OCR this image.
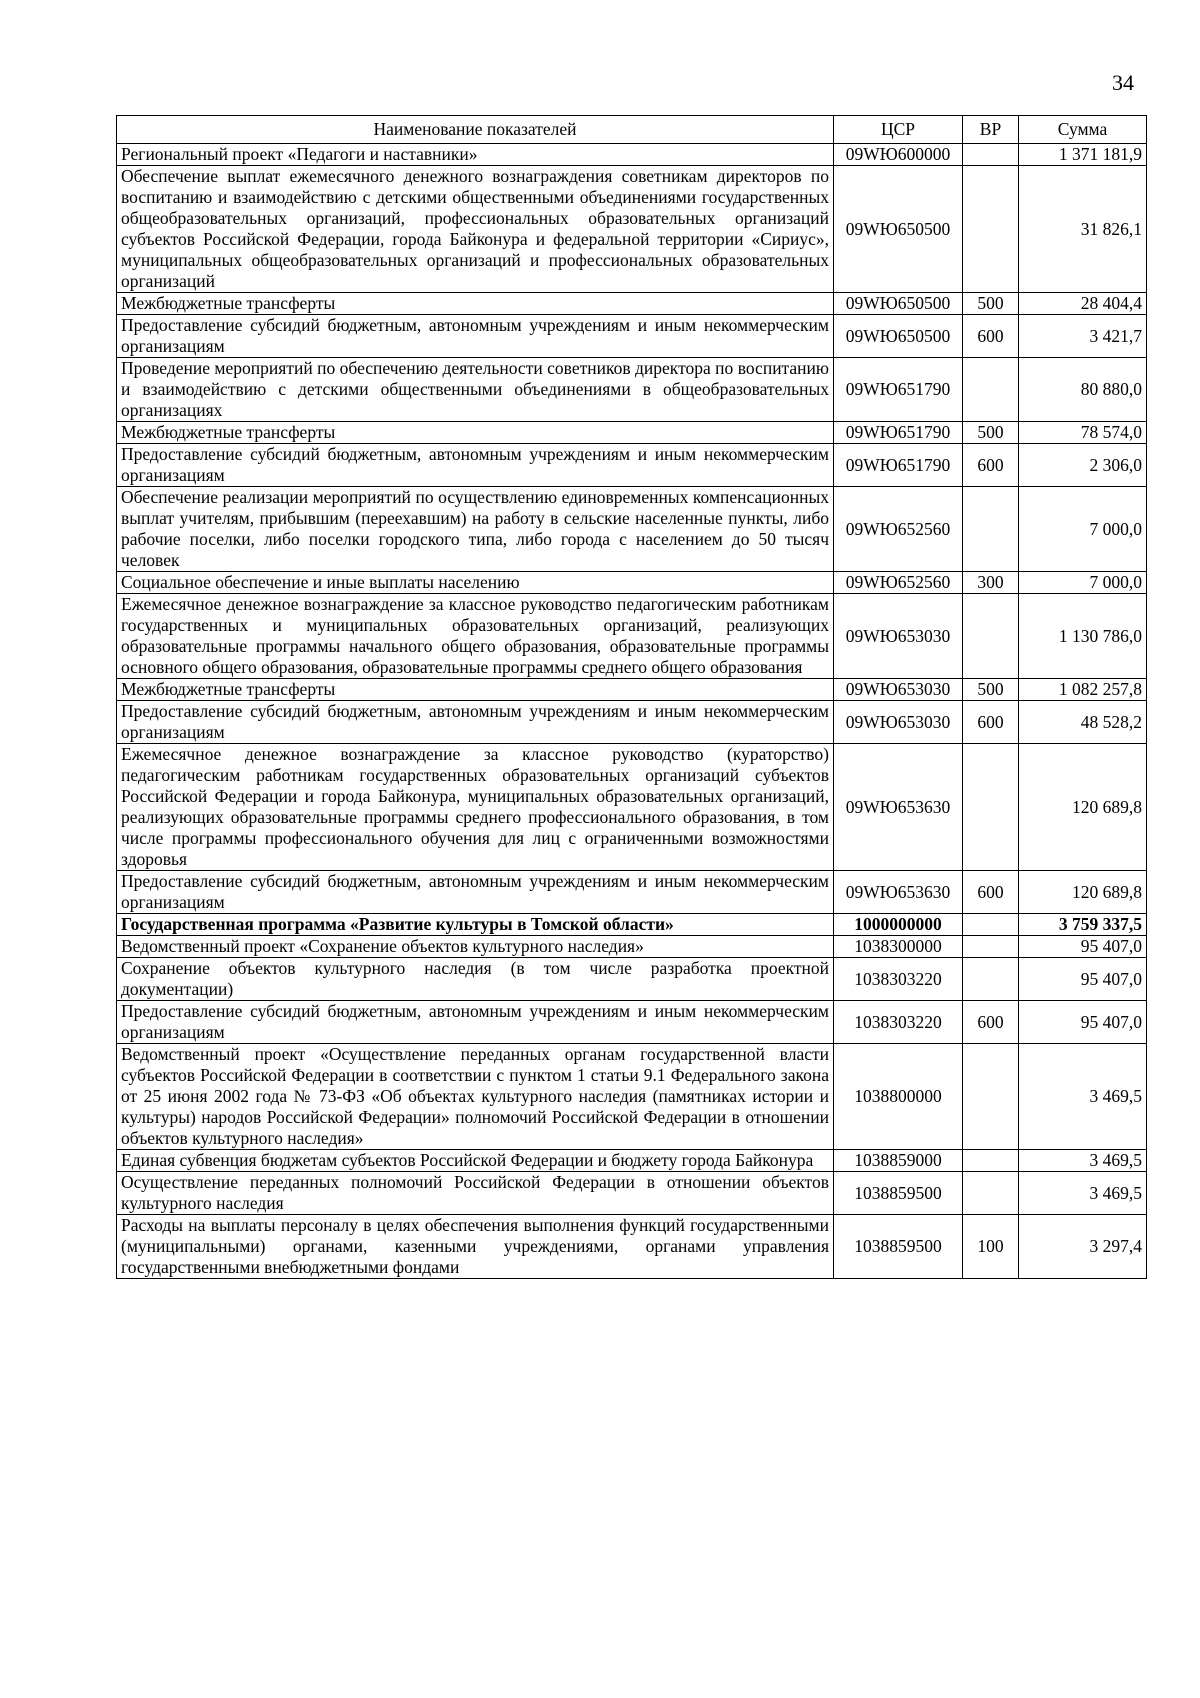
34
Наименование показателей	ЦСР	ВР	Сумма
Региональный проект «Педагоги и наставники»	09WЮ600000		1 371 181,9
Обеспечение выплат ежемесячного денежного вознаграждения советникам директоров по воспитанию и взаимодействию с детскими общественными объединениями государственных общеобразовательных организаций, профессиональных образовательных организаций субъектов Российской Федерации, города Байконура и федеральной территории «Сириус», муниципальных общеобразовательных организаций и профессиональных образовательных организаций	09WЮ650500		31 826,1
Межбюджетные трансферты	09WЮ650500	500	28 404,4
Предоставление субсидий бюджетным, автономным учреждениям и иным некоммерческим организациям	09WЮ650500	600	3 421,7
Проведение мероприятий по обеспечению деятельности советников директора по воспитанию и взаимодействию с детскими общественными объединениями в общеобразовательных организациях	09WЮ651790		80 880,0
Межбюджетные трансферты	09WЮ651790	500	78 574,0
Предоставление субсидий бюджетным, автономным учреждениям и иным некоммерческим организациям	09WЮ651790	600	2 306,0
Обеспечение реализации мероприятий по осуществлению единовременных компенсационных выплат учителям, прибывшим (переехавшим) на работу в сельские населенные пункты, либо рабочие поселки, либо поселки городского типа, либо города с населением до 50 тысяч человек	09WЮ652560		7 000,0
Социальное обеспечение и иные выплаты населению	09WЮ652560	300	7 000,0
Ежемесячное денежное вознаграждение за классное руководство педагогическим работникам государственных и муниципальных образовательных организаций, реализующих образовательные программы начального общего образования, образовательные программы основного общего образования, образовательные программы среднего общего образования	09WЮ653030		1 130 786,0
Межбюджетные трансферты	09WЮ653030	500	1 082 257,8
Предоставление субсидий бюджетным, автономным учреждениям и иным некоммерческим организациям	09WЮ653030	600	48 528,2
Ежемесячное денежное вознаграждение за классное руководство (кураторство) педагогическим работникам государственных образовательных организаций субъектов Российской Федерации и города Байконура, муниципальных образовательных организаций, реализующих образовательные программы среднего профессионального образования, в том числе программы профессионального обучения для лиц с ограниченными возможностями здоровья	09WЮ653630		120 689,8
Предоставление субсидий бюджетным, автономным учреждениям и иным некоммерческим организациям	09WЮ653630	600	120 689,8
Государственная программа «Развитие культуры в Томской области»	1000000000		3 759 337,5
Ведомственный проект «Сохранение объектов культурного наследия»	1038300000		95 407,0
Сохранение объектов культурного наследия (в том числе разработка проектной документации)	1038303220		95 407,0
Предоставление субсидий бюджетным, автономным учреждениям и иным некоммерческим организациям	1038303220	600	95 407,0
Ведомственный проект «Осуществление переданных органам государственной власти субъектов Российской Федерации в соответствии с пунктом 1 статьи 9.1 Федерального закона от 25 июня 2002 года № 73-ФЗ «Об объектах культурного наследия (памятниках истории и культуры) народов Российской Федерации» полномочий Российской Федерации в отношении объектов культурного наследия»	1038800000		3 469,5
Единая субвенция бюджетам субъектов Российской Федерации и бюджету города Байконура	1038859000		3 469,5
Осуществление переданных полномочий Российской Федерации в отношении объектов культурного наследия	1038859500		3 469,5
Расходы на выплаты персоналу в целях обеспечения выполнения функций государственными (муниципальными) органами, казенными учреждениями, органами управления государственными внебюджетными фондами	1038859500	100	3 297,4
